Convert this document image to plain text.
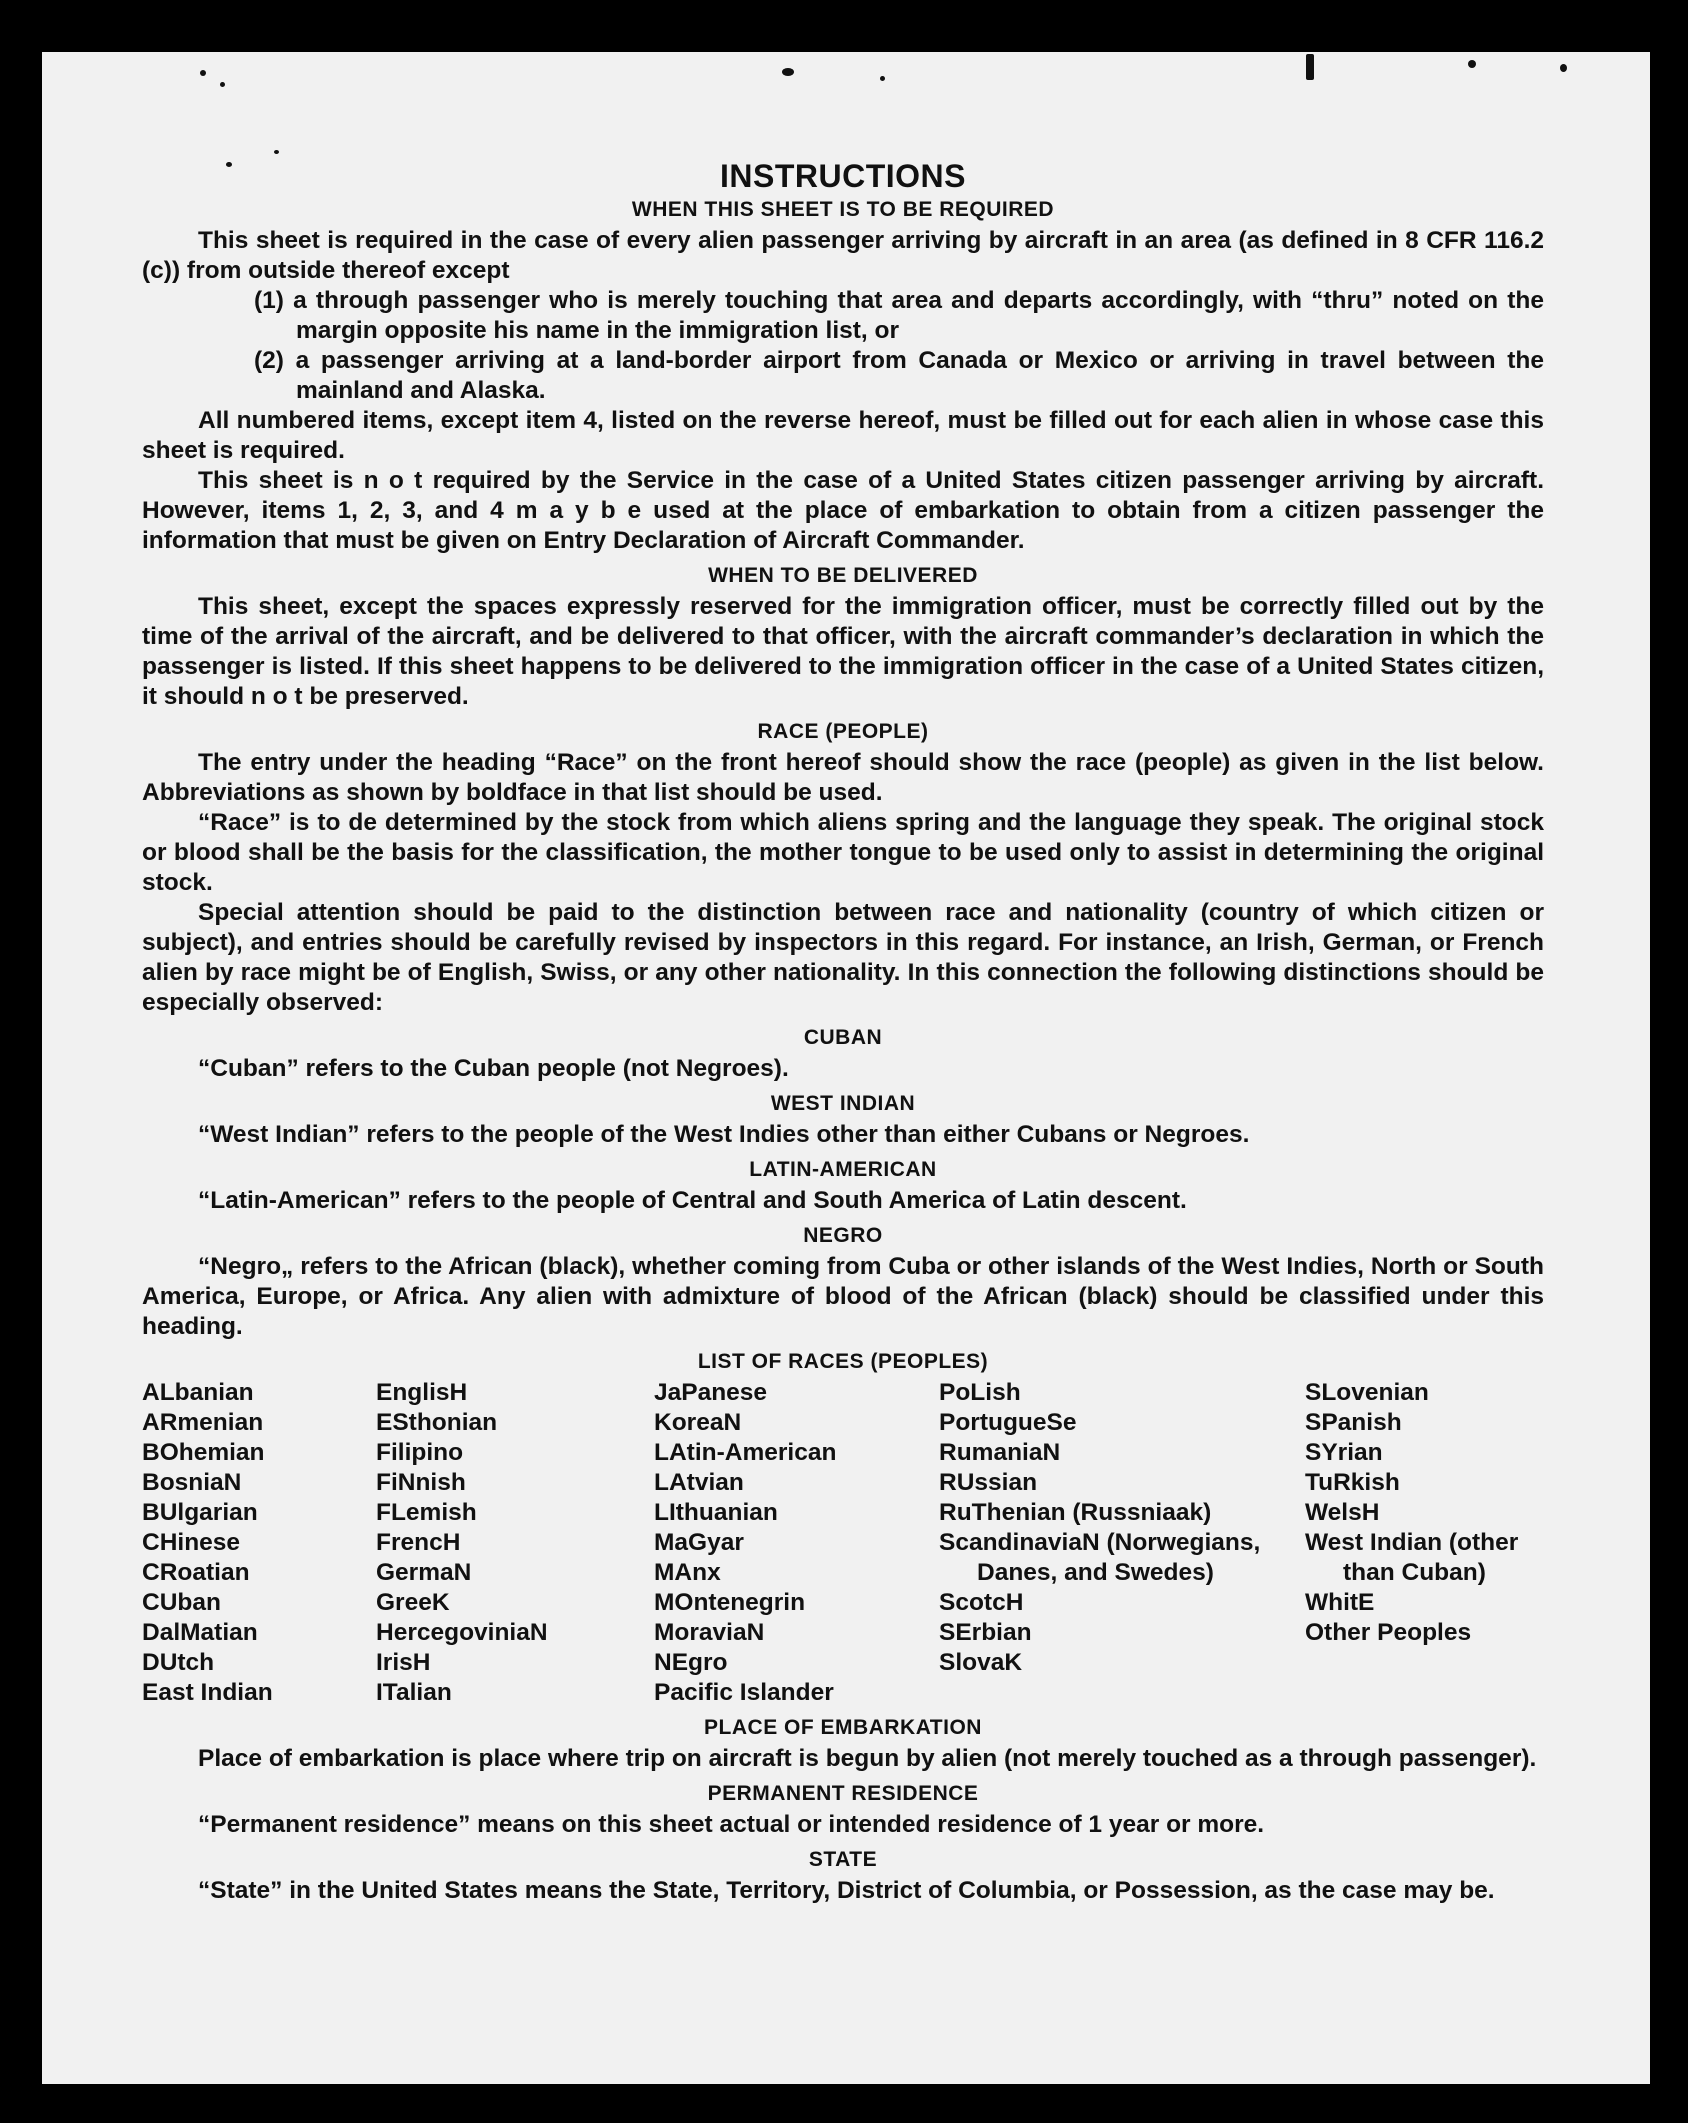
INSTRUCTIONS
WHEN THIS SHEET IS TO BE REQUIRED

This sheet is required in the case of every alien passenger arriving by aircraft in an area (as defined in 8 CFR 116.2 (c)) from outside thereof except

(1) a through passenger who is merely touching that area and departs accordingly, with “thru” noted on the margin opposite his name in the immigration list, or

(2) a passenger arriving at a land-border airport from Canada or Mexico or arriving in travel between the mainland and Alaska.

All numbered items, except item 4, listed on the reverse hereof, must be filled out for each alien in whose case this sheet is required.

This sheet is n o t required by the Service in the case of a United States citizen passenger arriving by aircraft. However, items 1, 2, 3, and 4 m a y b e used at the place of embarkation to obtain from a citizen passenger the information that must be given on Entry Declaration of Aircraft Commander.

WHEN TO BE DELIVERED

This sheet, except the spaces expressly reserved for the immigration officer, must be correctly filled out by the time of the arrival of the aircraft, and be delivered to that officer, with the aircraft commander’s declaration in which the passenger is listed. If this sheet happens to be delivered to the immigration officer in the case of a United States citizen, it should n o t be preserved.

RACE (PEOPLE)

The entry under the heading “Race” on the front hereof should show the race (people) as given in the list below. Abbreviations as shown by boldface in that list should be used.

“Race” is to de determined by the stock from which aliens spring and the language they speak. The original stock or blood shall be the basis for the classification, the mother tongue to be used only to assist in determining the original stock.

Special attention should be paid to the distinction between race and nationality (country of which citizen or subject), and entries should be carefully revised by inspectors in this regard. For instance, an Irish, German, or French alien by race might be of English, Swiss, or any other nationality. In this connection the following distinctions should be especially observed:

CUBAN

“Cuban” refers to the Cuban people (not Negroes).

WEST INDIAN

“West Indian” refers to the people of the West Indies other than either Cubans or Negroes.

LATIN-AMERICAN

“Latin-American” refers to the people of Central and South America of Latin descent.

NEGRO

“Negro„ refers to the African (black), whether coming from Cuba or other islands of the West Indies, North or South America, Europe, or Africa. Any alien with admixture of blood of the African (black) should be classified under this heading.

LIST OF RACES (PEOPLES)
ALbanian
ARmenian
BOhemian
BosniaN
BUlgarian
CHinese
CRoatian
CUban
DalMatian
DUtch
East Indian
EnglisH
ESthonian
Filipino
FiNnish
FLemish
FrencH
GermaN
GreeK
HercegoviniaN
IrisH
ITalian
JaPanese
KoreaN
LAtin-American
LAtvian
LIthuanian
MaGyar
MAnx
MOntenegrin
MoraviaN
NEgro
Pacific Islander
PoLish
PortugueSe
RumaniaN
RUssian
RuThenian (Russniaak)
ScandinaviaN (Norwegians, Danes, and Swedes)
ScotcH
SErbian
SlovaK
SLovenian
SPanish
SYrian
TuRkish
WelsH
West Indian (other than Cuban)
WhitE
Other Peoples
PLACE OF EMBARKATION

Place of embarkation is place where trip on aircraft is begun by alien (not merely touched as a through passenger).

PERMANENT RESIDENCE

“Permanent residence” means on this sheet actual or intended residence of 1 year or more.

STATE

“State” in the United States means the State, Territory, District of Columbia, or Possession, as the case may be.
